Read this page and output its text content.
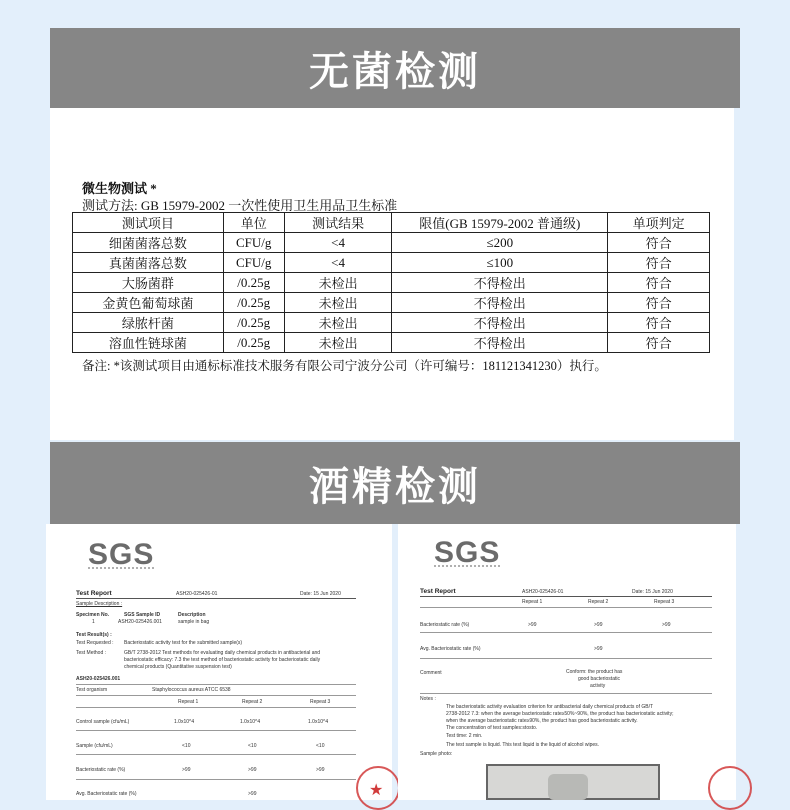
无菌检测
微生物测试 *
测试方法: GB 15979-2002 一次性使用卫生用品卫生标准
测试项目	单位	测试结果	限值(GB 15979-2002 普通级)	单项判定
细菌菌落总数	CFU/g	<4	≤200	符合
真菌菌落总数	CFU/g	<4	≤100	符合
大肠菌群	/0.25g	未检出	不得检出	符合
金黄色葡萄球菌	/0.25g	未检出	不得检出	符合
绿脓杆菌	/0.25g	未检出	不得检出	符合
溶血性链球菌	/0.25g	未检出	不得检出	符合
备注: *该测试项目由通标标准技术服务有限公司宁波分公司（许可编号：181121341230）执行。
酒精检测
SGS
Test Report	ASH20-025426-01	Date: 15 Jun 2020
Sample Description :
Specimen No.	SGS Sample ID	Description
1	ASH20-025426.001	sample in bag
Test Result(s) :
Test Requested : Bacteriostatic activity test for the submitted sample(s)
Test Method :	GB/T 2738-2012 Test methods for evaluating daily chemical products in antibacterial and
bacteriostatic efficacy: 7.3 the test method of bacteriostatic activity for bacteriostatic daily
chemical products (Quantitative suspension test)
ASH20-025426.001
Test organism	Staphylococcus aureus ATCC 6538
Repeat 1	Repeat 2	Repeat 3
Control sample (cfu/mL)	1.0x10^4	1.0x10^4	1.0x10^4
Sample (cfu/mL)	<10	<10	<10
Bacteriostatic rate (%)	>99	>99	>99
Avg. Bacteriostatic rate (%)	>99	★
SGS
Test Report	ASH20-025426-01	Date: 15 Jun 2020
Repeat 1	Repeat 2	Repeat 3
Bacteriostatic rate (%)	>99	>99	>99
Avg. Bacteriostatic rate (%)	>99
Comment	Conform: the product has
good bacteriostatic
activity
Notes :
The bacteriostatic activity evaluation criterion for antibacterial daily chemical products of GB/T
2738-2012 7.3: when the average bacteriostatic rate≥50%~90%, the product has bacteriostatic activity;
when the average bacteriostatic rate≥90%, the product has good bacteriostatic activity.
The concentration of test samples:stosto.
Test time: 2 min.
The test sample is liquid. This test liquid is the liquid of alcohol wipes.
Sample photo:
